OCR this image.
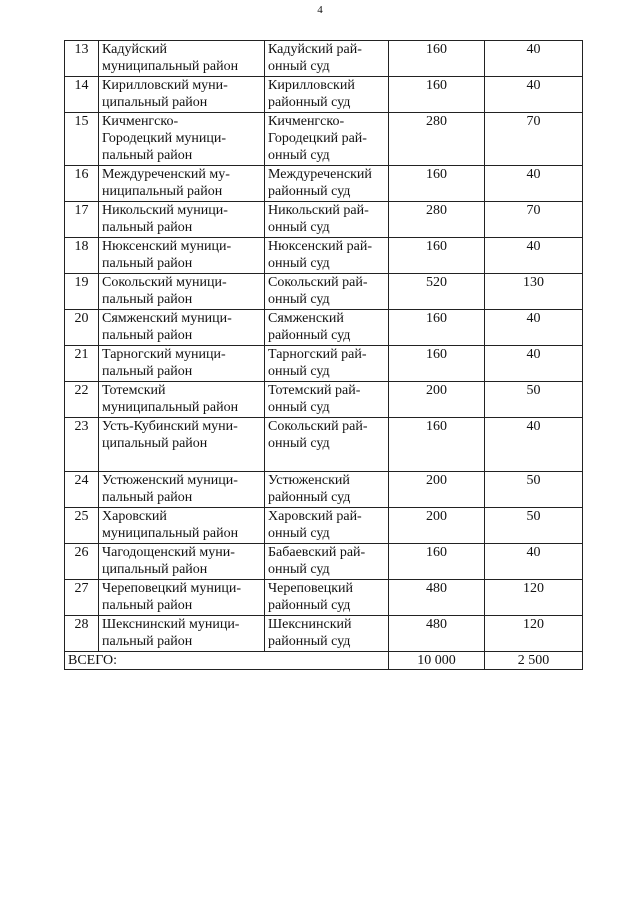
4
13	Кадуйский
муниципальный район	Кадуйский рай-
онный суд	160	40
14	Кирилловский муни-
ципальный район	Кирилловский
районный суд	160	40
15	Кичменгско-
Городецкий муници-
пальный район	Кичменгско-
Городецкий рай-
онный суд	280	70
16	Междуреченский му-
ниципальный район	Междуреченский
районный суд	160	40
17	Никольский муници-
пальный район	Никольский рай-
онный суд	280	70
18	Нюксенский муници-
пальный район	Нюксенский рай-
онный суд	160	40
19	Сокольский муници-
пальный район	Сокольский рай-
онный суд	520	130
20	Сямженский муници-
пальный район	Сямженский
районный суд	160	40
21	Тарногский муници-
пальный район	Тарногский рай-
онный суд	160	40
22	Тотемский
муниципальный район	Тотемский рай-
онный суд	200	50
23	Усть-Кубинский муни-
ципальный район	Сокольский рай-
онный суд	160	40
24	Устюженский муници-
пальный район	Устюженский
районный суд	200	50
25	Харовский
муниципальный район	Харовский рай-
онный суд	200	50
26	Чагодощенский муни-
ципальный район	Бабаевский рай-
онный суд	160	40
27	Череповецкий муници-
пальный район	Череповецкий
районный суд	480	120
28	Шекснинский муници-
пальный район	Шекснинский
районный суд	480	120
ВСЕГО:			10 000	2 500
